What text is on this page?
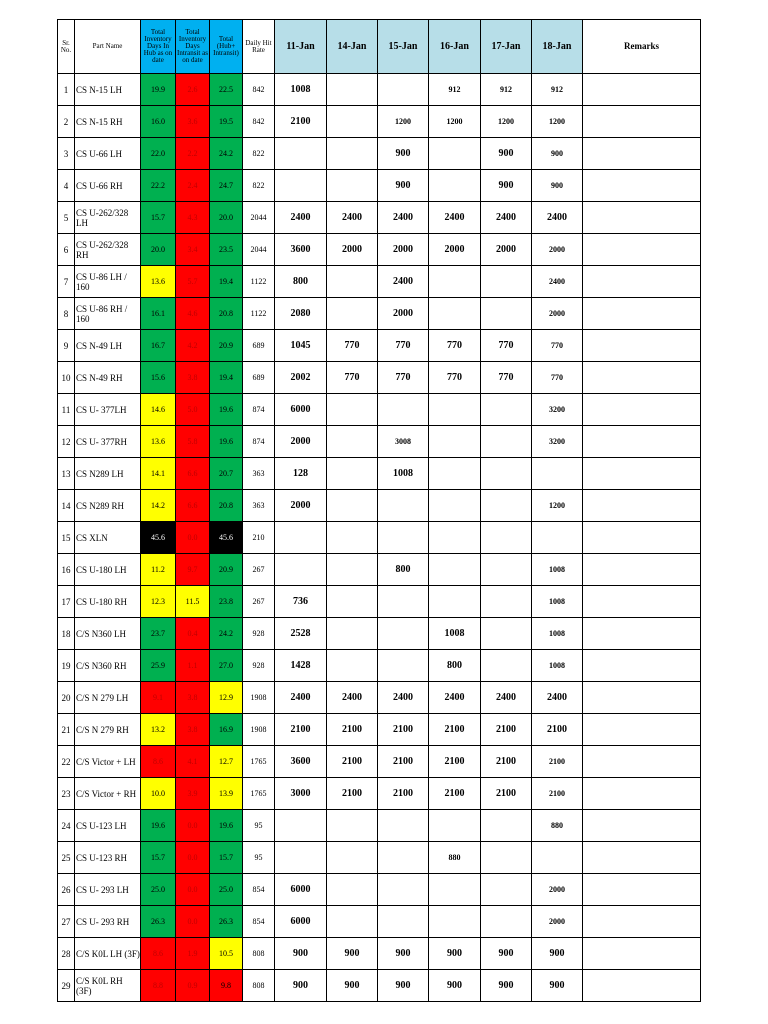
Sr. No.	Part Name	Total Inventory Days In Hub as on date	Total Inventory Days Intransit as on date	Total (Hub+ Intransit)	Daily Hit Rate	11-Jan	14-Jan	15-Jan	16-Jan	17-Jan	18-Jan	Remarks
1	CS N-15 LH	19.9	2.6	22.5	842	1008			912	912	912	
2	CS N-15 RH	16.0	3.6	19.5	842	2100		1200	1200	1200	1200	
3	CS U-66 LH	22.0	2.2	24.2	822			900		900	900	
4	CS U-66 RH	22.2	2.4	24.7	822			900		900	900	
5	CS U-262/328 LH	15.7	4.3	20.0	2044	2400	2400	2400	2400	2400	2400	
6	CS U-262/328 RH	20.0	3.4	23.5	2044	3600	2000	2000	2000	2000	2000	
7	CS U-86 LH / 160	13.6	5.7	19.4	1122	800		2400			2400	
8	CS U-86 RH / 160	16.1	4.6	20.8	1122	2080		2000			2000	
9	CS N-49 LH	16.7	4.2	20.9	689	1045	770	770	770	770	770	
10	CS N-49 RH	15.6	3.8	19.4	689	2002	770	770	770	770	770	
11	CS U- 377LH	14.6	5.0	19.6	874	6000					3200	
12	CS U- 377RH	13.6	5.8	19.6	874	2000		3008			3200	
13	CS N289 LH	14.1	6.6	20.7	363	128		1008				
14	CS N289 RH	14.2	6.6	20.8	363	2000					1200	
15	CS XLN	45.6	0.0	45.6	210							
16	CS U-180 LH	11.2	9.7	20.9	267			800			1008	
17	CS U-180 RH	12.3	11.5	23.8	267	736					1008	
18	C/S N360 LH	23.7	0.4	24.2	928	2528			1008		1008	
19	C/S N360 RH	25.9	1.1	27.0	928	1428			800		1008	
20	C/S N 279 LH	9.1	3.8	12.9	1908	2400	2400	2400	2400	2400	2400	
21	C/S N 279 RH	13.2	3.8	16.9	1908	2100	2100	2100	2100	2100	2100	
22	C/S Victor + LH	8.6	4.1	12.7	1765	3600	2100	2100	2100	2100	2100	
23	C/S Victor + RH	10.0	3.9	13.9	1765	3000	2100	2100	2100	2100	2100	
24	CS U-123 LH	19.6	0.0	19.6	95						880	
25	CS U-123 RH	15.7	0.0	15.7	95				880			
26	CS U- 293 LH	25.0	0.0	25.0	854	6000					2000	
27	CS U- 293 RH	26.3	0.0	26.3	854	6000					2000	
28	C/S K0L LH (3F)	8.6	1.9	10.5	808	900	900	900	900	900	900	
29	C/S K0L RH (3F)	8.8	0.9	9.8	808	900	900	900	900	900	900	
